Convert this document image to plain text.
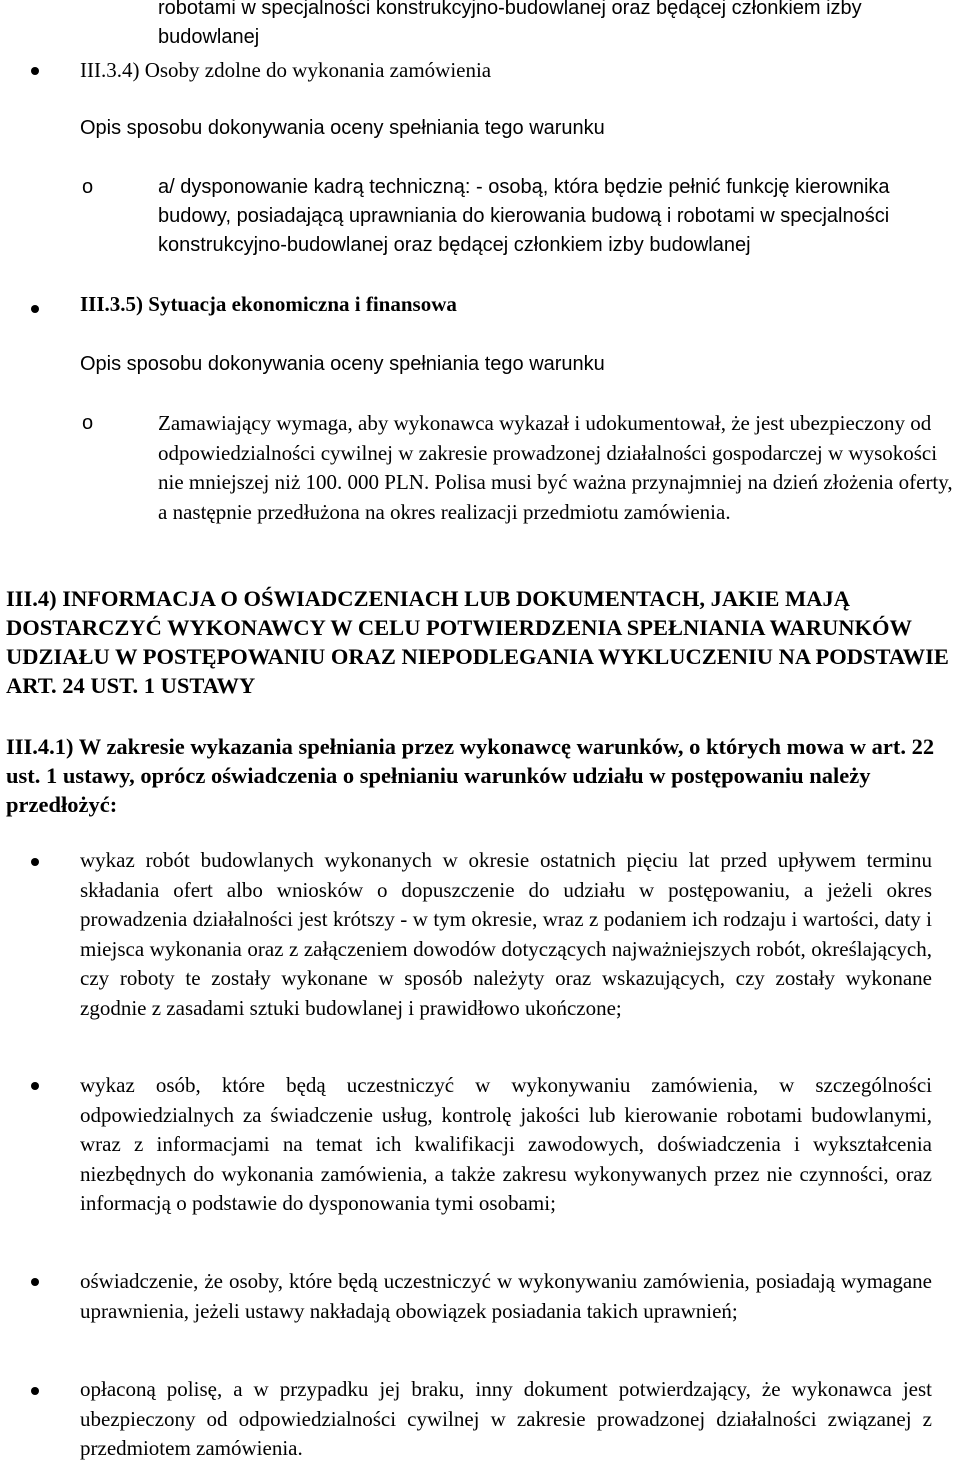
robotami w specjalności konstrukcyjno-budowlanej oraz będącej członkiem izby budowlanej

III.3.4) Osoby zdolne do wykonania zamówienia

Opis sposobu dokonywania oceny spełniania tego warunku

o	a/ dysponowanie kadrą techniczną: - osobą, która będzie pełnić funkcję kierownika budowy, posiadającą uprawniania do kierowania budową i robotami w specjalności konstrukcyjno-budowlanej oraz będącej członkiem izby budowlanej

III.3.5) Sytuacja ekonomiczna i finansowa

Opis sposobu dokonywania oceny spełniania tego warunku

o	Zamawiający wymaga, aby wykonawca wykazał i udokumentował, że jest ubezpieczony od odpowiedzialności cywilnej w zakresie prowadzonej działalności gospodarczej w wysokości nie mniejszej niż 100. 000 PLN. Polisa musi być ważna przynajmniej na dzień złożenia oferty, a następnie przedłużona na okres realizacji przedmiotu zamówienia.

III.4) INFORMACJA O OŚWIADCZENIACH LUB DOKUMENTACH, JAKIE MAJĄ DOSTARCZYĆ WYKONAWCY W CELU POTWIERDZENIA SPEŁNIANIA WARUNKÓW UDZIAŁU W POSTĘPOWANIU ORAZ NIEPODLEGANIA WYKLUCZENIU NA PODSTAWIE ART. 24 UST. 1 USTAWY

III.4.1) W zakresie wykazania spełniania przez wykonawcę warunków, o których mowa w art. 22 ust. 1 ustawy, oprócz oświadczenia o spełnianiu warunków udziału w postępowaniu należy przedłożyć:

wykaz robót budowlanych wykonanych w okresie ostatnich pięciu lat przed upływem terminu składania ofert albo wniosków o dopuszczenie do udziału w postępowaniu, a jeżeli okres prowadzenia działalności jest krótszy - w tym okresie, wraz z podaniem ich rodzaju i wartości, daty i miejsca wykonania oraz z załączeniem dowodów dotyczących najważniejszych robót, określających, czy roboty te zostały wykonane w sposób należyty oraz wskazujących, czy zostały wykonane zgodnie z zasadami sztuki budowlanej i prawidłowo ukończone;

wykaz osób, które będą uczestniczyć w wykonywaniu zamówienia, w szczególności odpowiedzialnych za świadczenie usług, kontrolę jakości lub kierowanie robotami budowlanymi, wraz z informacjami na temat ich kwalifikacji zawodowych, doświadczenia i wykształcenia niezbędnych do wykonania zamówienia, a także zakresu wykonywanych przez nie czynności, oraz informacją o podstawie do dysponowania tymi osobami;

oświadczenie, że osoby, które będą uczestniczyć w wykonywaniu zamówienia, posiadają wymagane uprawnienia, jeżeli ustawy nakładają obowiązek posiadania takich uprawnień;

opłaconą polisę, a w przypadku jej braku, inny dokument potwierdzający, że wykonawca jest ubezpieczony od odpowiedzialności cywilnej w zakresie prowadzonej działalności związanej z przedmiotem zamówienia.
